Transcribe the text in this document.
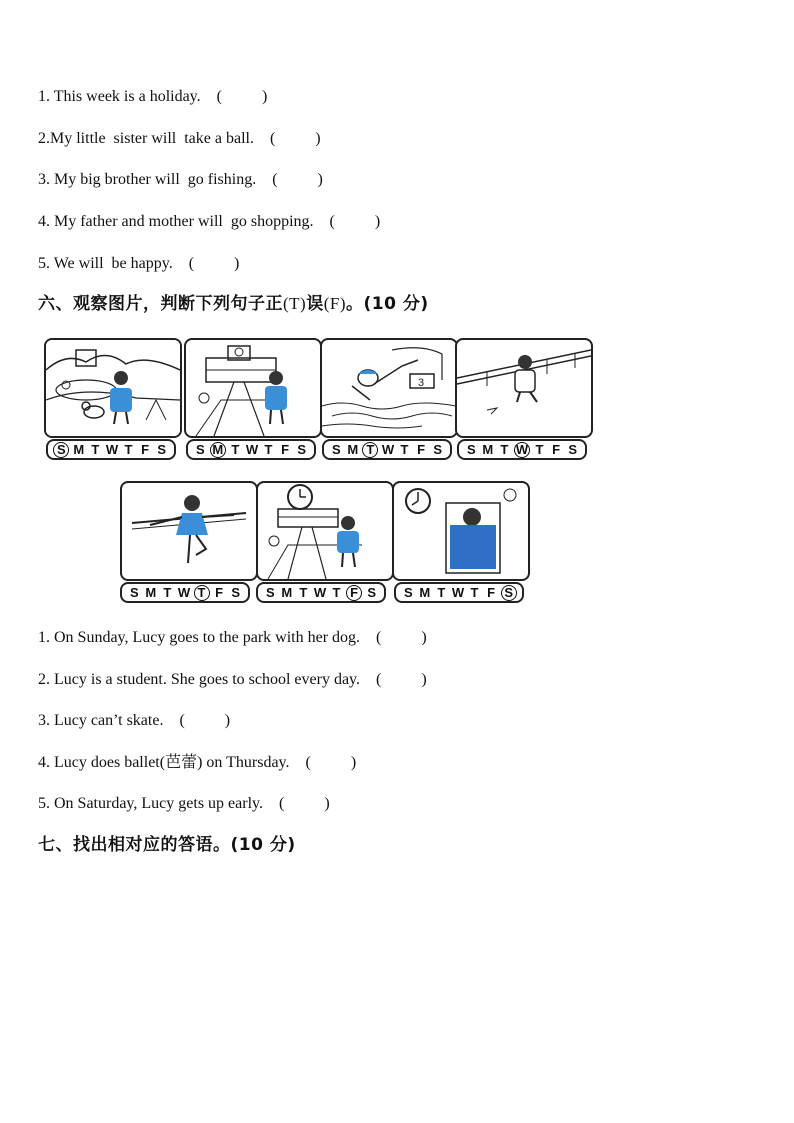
1. This week is a holiday. (          )
2.My little  sister will  take a ball. (          )
3. My big brother will  go fishing. (          )
4. My father and mother will  go shopping. (          )
5. We will  be happy. (          )
六、观察图片，判断下列句子正(T)误(F)。(10 分)
3
S M T W T F S S M T W T F S S M T W T F S S M T W T F S
S M T W T F S S M T W T F S S M T W T F S
1. On Sunday, Lucy goes to the park with her dog. (          )
2. Lucy is a student. She goes to school every day. (          )
3. Lucy can’t skate. (          )
4. Lucy does ballet(芭蕾) on Thursday. (          )
5. On Saturday, Lucy gets up early. (          )
七、找出相对应的答语。(10 分)
